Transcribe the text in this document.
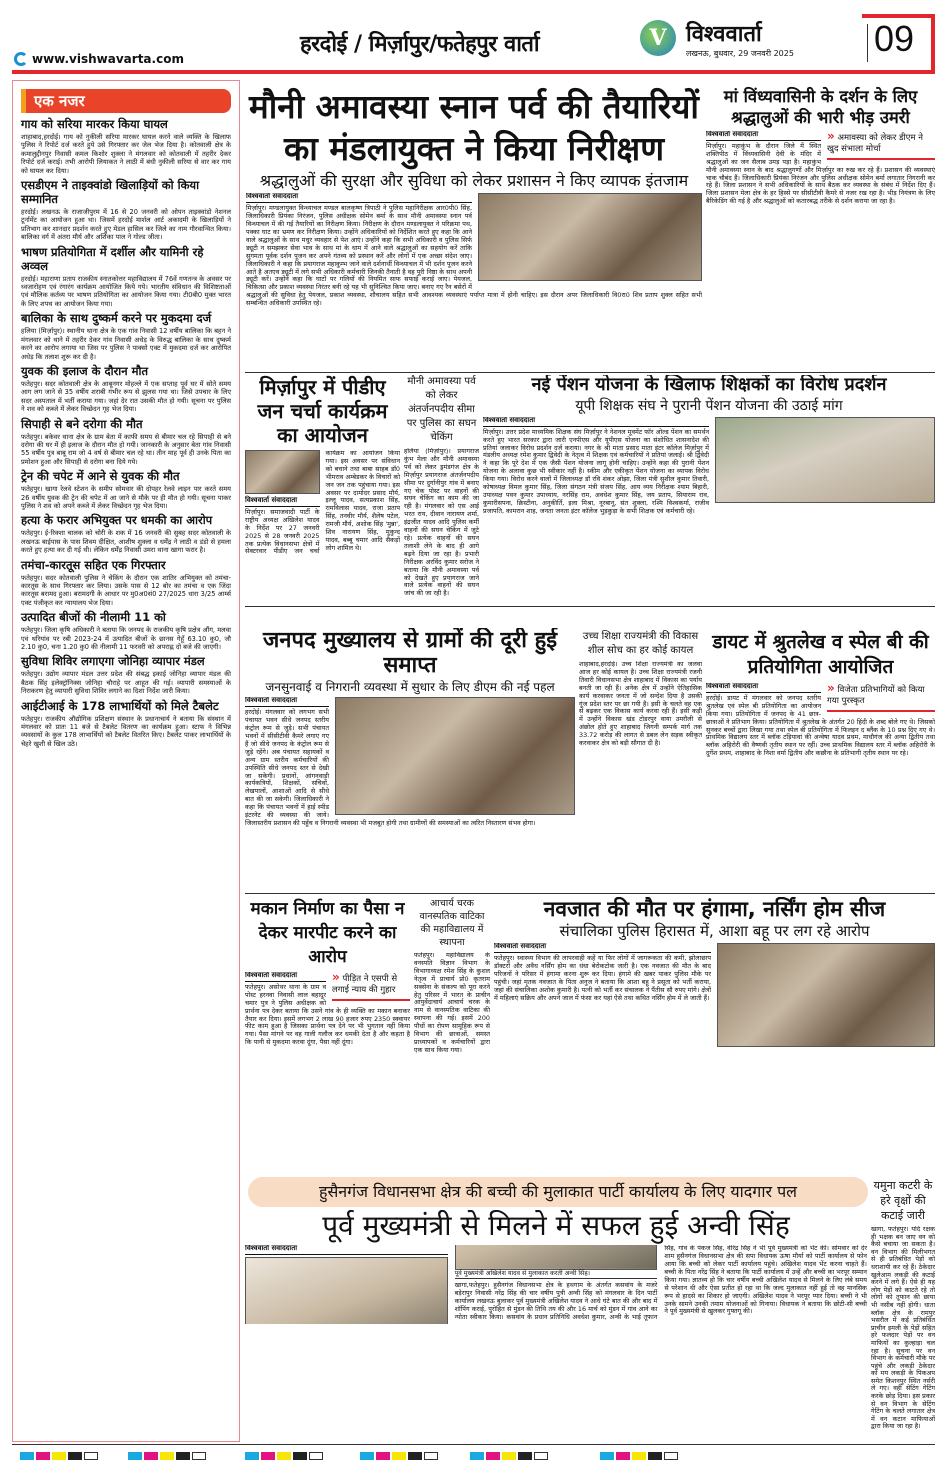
www.vishwavarta.com
हरदोई / मिर्ज़ापुर/फतेहपुर वार्ता	V विश्ववार्ता
लखनऊ, बुधवार, 29 जनवरी 2025 09
एक नजर
गाय को सरिया मारकर किया घायल

शाहाबाद,हरदोई। गाय को नुकीली सरिया मारकर घायल करने वाले व्यक्ति के खिलाफ पुलिस ने रिपोर्ट दर्ज करते हुये उसे गिरफ्तार कर जेल भेज दिया है। कोतवाली क्षेत्र के कमालुद्दीनपुर निवासी कमल किशोर शुक्ला ने मंगलवार को कोतवाली में तहरीर देकर रिपोर्ट दर्ज कराई। तभी आरोपी लियाकत ने लाठी में बंधी नुकीली सरिया से वार कर गाय को घायल कर दिया।

एसडीएम ने ताइक्वांडो खिलाड़ियों को किया सम्मानित

हरदोई। लखनऊ के राजाजीपुरम में 16 से 20 जनवरी को ओपन ताइक्वांडो नेशनल टूर्नामेंट का आयोजन हुआ था। जिसमें हरदोई मार्शल आर्ट अकादमी के खिलाड़ियों ने प्रतिभाग कर शानदार प्रदर्शन करते हुए मेडल हासिल कर जिले का नाम गौरवान्वित किया। बालिका वर्ग में अंतरा मौर्य और अर्शिका पाल ने गोल्ड जीता।

भाषण प्रतियोगिता में दर्शील और यामिनी रहे अव्वल

हरदोई। महाराणा प्रताप राजकीय स्नातकोत्तर महाविद्यालय में 76वें गणतन्त्र के अवसर पर ध्वजारोहण एवं रंगारंग कार्यक्रम आयोजित किये गये। भारतीय संविधान की विशिष्टताओं एवं मौलिक कर्तव्य पर भाषण प्रतियोगिता का आयोजन किया गया। टी0बी0 मुक्त भारत के लिए शपथ का आयोजन किया गया।

बालिका के साथ दुष्कर्म करने पर मुकदमा दर्ज

हलिया (मिर्ज़ापुर)। स्थानीय थाना क्षेत्र के एक गांव निवासी 12 वर्षीय बालिका कि बहन ने मंगलवार को थाने में तहरीर देकर गांव निवासी अधेड़ के विरुद्ध बालिका के साथ दुष्कर्म करने का आरोप लगाया था जिस पर पुलिस ने पाक्सो एक्ट में मुकदमा दर्ज कर आरोपित अधेड़ कि तलाश शुरू कर दी है।

युवक की इलाज के दौरान मौत

फतेहपुर। सदर कोतवाली क्षेत्र के आबूनगर मोहल्ले में एक सप्ताह पूर्व घर में सोते समय आग लग जाने से 35 वर्षीय शराबी गंभीर रूप से झुलस गया था। जिसे उपचार के लिए सदर अस्पताल में भर्ती कराया गया। जहां देर रात उसकी मौत हो गयी। सूचना पर पुलिस ने शव को कब्जे में लेकर विच्छेदन गृह भेज दिया।

सिपाही से बने दरोगा की मौत

फतेहपुर। बकेवर थाना क्षेत्र के ग्राम बेता में काफी समय से बीमार चल रहे सिपाही से बने दरोगा की घर में ही इलाज के दौरान मौत हो गयी। जानकारी के अनुसार बेता गांव निवासी 55 वर्षीय पुत्र बाबू राम जो 4 वर्ष से बीमार चल रहे था। तीन माह पूर्व ही उनके पिता का प्रमोशन हुआ और सिपाही से दरोगा बना दिये गये।

ट्रेन की चपेट में आने से युवक की मौत

फतेहपुर। खागा रेलवे स्टेशन के समीप सोमवार की दोपहर रेलवे लाइन पार करते समय 26 वर्षीय युवक की ट्रेन की चपेट में आ जाने से मौके पर ही मौत हो गयी। सूचना पाकर पुलिस ने शव को अपने कब्जे में लेकर विच्छेदन गृह भेज दिया।

हत्या के फरार अभियुक्त पर धमकी का आरोप

फतेहपुर। ई-रिक्शा चालक को चोरी के शक में 16 जनवरी की सुबह सदर कोतवाली के लखनऊ बाईपास के पास शिवम दीक्षित, आशीष शुक्ला व धर्मेंद्र ने लाठी व डंडो से हमला करते हुए हत्या कर दी गई थी। लेकिन धर्मेंद्र निवासी उमरा थाना खागा फरार है।

तमंचा-कारतूस सहित एक गिरफ्तार

फतेहपुर। सदर कोतवाली पुलिस ने चेकिंग के दौरान एक शातिर अभियुक्त को तमंचा-कारतूस के साथ गिरफ्तार कर लिया। उसके पास से 12 बोर का तमंचा व एक जिंदा कारतूस बरामद हुआ। बरामदगी के आधार पर मु0अ0सं0 27/2025 धारा 3/25 आर्म्स एक्ट पंजीकृत कर न्यायालय भेज दिया।

उत्पादित बीजों की नीलामी 11 को

फतेहपुर। जिला कृषि अधिकारी ने बताया कि जनपद के राजकीय कृषि प्रक्षेत्र औंग, मलवा एवं थरियांव पर रबी 2023-24 में उत्पादित बीजों के छानस गेहूँ 63.10 कु0, जौ 2.10 कु0, चना 1.20 कु0 की नीलामी 11 फरवरी को अपराह्न दो बजे की जाएगी।

सुविधा शिविर लगाएगा जोनिहा व्यापार मंडल

फतेहपुर। उद्योग व्यापार मंडल उत्तर प्रदेश की संबद्ध इकाई जोनिहा व्यापार मंडल की बैठक सिंह इलेक्ट्रॉनिक्स जोनिहा चौराहे पर आहूत की गई। व्यापारी समस्याओं के निराकरण हेतु व्यापारी सुविधा शिविर लगाने का दिशा निर्देश जारी किया।

आईटीआई के 178 लाभार्थियों को मिले टैबलेट

फतेहपुर। राजकीय औद्योगिक प्रशिक्षण संस्थान के प्रधानाचार्य ने बताया कि संस्थान में मंगलवार को प्रातः 11 बजे से टैबलेट वितरण का कार्यक्रम हुआ। स्टाफ ने विभिन्न व्यवसायों के कुल 178 लाभार्थियों को टैबलेट वितरित किए। टैबलेट पाकर लाभार्थियों के चेहरे खुशी से खिल उठे।

मौनी अमावस्या स्नान पर्व की तैयारियों का मंडलायुक्त ने किया निरीक्षण
श्रद्धालुओं की सुरक्षा और सुविधा को लेकर प्रशासन ने किए व्यापक इंतजाम
विश्ववार्ता संवाददाता
मिर्ज़ापुर। मण्डलायुक्त विन्ध्याचल मण्डल बालकृष्ण त्रिपाठी ने पुलिस महानिरीक्षक आर0पी0 सिंह, जिलाधिकारी प्रियंका निरंजन, पुलिस अधीक्षक सोमेन बर्मा के साथ मौनी अमावस्या स्नान पर्व विन्ध्याचल में की गई तैयारियों का निरीक्षण किया। निरीक्षण के दौरान मण्डलायुक्त ने परिक्रमा पथ, पक्का घाट का भ्रमण कर निरीक्षण किया। उन्होंने अधिकारियों को निर्देशित करते हुए कहा कि आने वाले श्रद्धालुओं के साथ मधुर व्यवहार से पेश आएं। उन्होंने कहा कि सभी अधिकारी व पुलिस सिर्फ ड्यूटी न समझकर सेवा भाव के साथ मां के धाम में आने वाले श्रद्धालुओं का सहयोग करें ताकि सुगमता पूर्वक दर्शन पूजन कर अपने गंतव्य को प्रस्थान करें और लोगों में एक अच्छा संदेश जाए। जिलाधिकारी ने कहा कि प्रयागराज महाकुम्भ जाने वाले दर्शनार्थी विन्ध्याचल में भी दर्शन पूजन करने आते है अतएव ड्यूटी में लगे सभी अधिकारी कर्मचारी जिनकी तैनाती है वह पूरी निष्ठा के साथ अपनी ड्यूटी करें। उन्होंने कहा कि घाटों पर गलियों की नियमित साफ सफाई कराई जाए। पेयजल, चिकित्सा और प्रकाश व्यवस्था निरंतर बनी रहे यह भी सुनिश्चित किया जाए। बनाए गए रैन बसेरों में श्रद्धालुओं की सुविधा हेतु पेयजल, प्रकाश व्यवस्था, शौचालय सहित सभी आवश्यक व्यवस्थाएं पर्याप्त मात्रा में होनी चाहिए। इस दौरान अपर जिलाधिकारी वि0रा0 शिव प्रताप शुक्ल सहित सभी सम्बन्धित अधिकारी उपस्थित रहे।
मां विंध्यवासिनी के दर्शन के लिए श्रद्धालुओं की भारी भीड़ उमरी
» अमावस्या को लेकर डीएम ने खुद संभाला मोर्चा
विश्ववार्ता संवाददाता
मिर्ज़ापुर। महाकुंभ के दौरान जिले में स्थित शक्तिपीठ में विंध्यवासिनी देवी के मंदिर में श्रद्धालुओं का जन सैलाब उमड़ पड़ा है। महाकुंभ मौनी अमावस्या स्नान के बाद श्रद्धालुगणों और मिर्ज़ापुर का रुख कर रहे हैं। प्रशासन की व्यवस्थाएं चाक चौबंद हैं। जिलाधिकारी प्रियंका निरंजन और पुलिस अधीक्षक सोमेन बर्मा लगातार निगरानी कर रहे हैं। जिला प्रशासन ने सभी अधिकारियों के साथ बैठक कर व्यवस्था के संबंध में निर्देश दिए हैं। जिला प्रशासन मेला क्षेत्र के हर हिस्से पर सीसीटीवी कैमरे से नजर रख रहा है। भीड़ नियंत्रण के लिए बैरिकेडिंग की गई है और श्रद्धालुओं को कतारबद्ध तरीके से दर्शन कराया जा रहा है।
मिर्ज़ापुर में पीडीए जन चर्चा कार्यक्रम का आयोजन
विश्ववार्ता संवाददाता
मिर्ज़ापुर। समाजवादी पार्टी के राष्ट्रीय अध्यक्ष अखिलेश यादव के निर्देश पर 27 जनवरी 2025 से 28 जनवरी 2025 तक प्रत्येक विधानसभा क्षेत्रों में सेक्टरवार पीडीए जन चर्चा कार्यक्रम का आयोजन किया गया। इस अवसर पर संविधान को बचाने तथा बाबा साहब डॉ0 भीमराव अम्बेडकर के विचारों को जन जन तक पहुंचाया गया। इस अवसर पर दामोदर प्रसाद मौर्य, इल्लू यादव, सत्यप्रकाश सिंह, रामविलास यादव, राजा प्रताप सिंह, तनवीर मौर्य, शैलेष पटेल, रामजी मौर्य, अशोक सिंह 'मुन्ना', शिव नारायण सिंह, मुकुन्द यादव, बब्बू चमार आदि सैकड़ों लोग शामिल थे।
मौनी अमावस्या पर्व को लेकर अंतर्जनपदीय सीमा पर पुलिस का सघन चेकिंग
हलिया (मिर्ज़ापुर)। प्रयागराज कुंभ मेला और मौनी अमावस्या पर्व को लेकर ड्रमंडगंज क्षेत्र के मिर्ज़ापुर प्रयागराज अंतर्जनपदीय सीमा पर दुर्गानीपुर गांव में बनाए गए चेक पोस्ट पर वाहनों की सघन चेकिंग का काम की जा रही है। मंगलवार को एस आई भरत राय, दीवान नारायण शर्मा, इंद्रजीत यादव आदि पुलिस कर्मी वाहनों की सघन चेकिंग में जुटे रहे। प्रत्येक वाहनों की सघन तलाशी लेने के बाद ही आगे बढ़ने दिया जा रहा है। प्रभारी निरीक्षक अरविंद कुमार सरोज ने बताया कि मौनी अमावस्या पर्व को देखते हुए प्रयागराज जाने वाले प्रत्येक वाहनों की सघन जांच की जा रही है।
नई पेंशन योजना के खिलाफ शिक्षकों का विरोध प्रदर्शन
यूपी शिक्षक संघ ने पुरानी पेंशन योजना की उठाई मांग
विश्ववार्ता संवाददाता
मिर्ज़ापुर। उत्तर प्रदेश माध्यमिक शिक्षक संघ मिर्ज़ापुर ने नेशनल मूवमेंट फॉर ओल्ड पेंशन का समर्थन करते हुए भारत सरकार द्वारा जारी एनपीएस और यूपीएस योजना का संशोधित शासनादेश की प्रतियां जलाकर विरोध प्रदर्शन दर्ज कराया। नगर के श्री माता प्रसाद माता इंटर कॉलेज मिर्ज़ापुर में मंडलीय अध्यक्ष रमेश कुमार द्विवेदी के नेतृत्व में शिक्षक एवं कर्मचारियों ने प्रतियां जलाईं। श्री द्विवेदी ने कहा कि पूरे देश में एक जैसी पेंशन योजना लागू होनी चाहिए। उन्होंने कहा की पुरानी पेंशन योजना के अलावा कुछ भी स्वीकार नहीं है। स्कीम और एकीकृत पेंशन योजना का व्यापक विरोध किया गया। विरोध करने वालों में जिलाध्यक्ष डॉ रवि शंकर ओझा, जिला मंत्री सुशील कुमार तिवारी, कोषाध्यक्ष विमल कुमार सिंह, जिला संगठन मंत्री संजय सिंह, आय व्यय निरीक्षक श्याम बिहारी, उपाध्यक्ष पवन कुमार उपाध्याय, नरसिंह राम, अवधेश कुमार सिंह, जय प्रताप, सियाराम राव, कुमारीसपना, क्रिस्टीना, अनुकीर्ति, इला मिश्रा, नूरबानू, संत शुक्ला, रश्मि विश्वकर्मा, राजीव प्रजापति, कामरान शाह, जनता जनता इंटर कॉलेज भुड़कुड़ा के सभी शिक्षक एवं कर्मचारी रहे।
जनपद मुख्यालय से ग्रामों की दूरी हुई समाप्त
जनसुनवाई व निगरानी व्यवस्था में सुधार के लिए डीएम की नई पहल
विश्ववार्ता संवाददाता
हरदोई। मंगलवार को लगभग सभी पंचायत भवन सीधे जनपद स्तरीय कंट्रोल रूम से जुड़े। सभी पंचायत भवनों में सीसीटीवी कैमरे लगाए गए हैं जो सीधे जनपद के कंट्रोल रूम से जुड़े रहेंगे। अब पंचायत सहायकों व अन्य ग्राम स्तरीय कर्मचारियों की उपस्थिति सीधे जनपद स्तर से देखी जा सकेगी। प्रधानों, आंगनवाड़ी कार्यकत्रियों, शिक्षकों, सचिवों, लेखपालों, आशाओं आदि से सीधे बात की जा सकेगी। जिलाधिकारी ने कहा कि पंचायत भवनों में हाई स्पीड इंटरनेट की व्यवस्था की जाये। जिलास्तरीय प्रशासन की पहुँच व निगरानी व्यवस्था भी मजबूत होगी तथा ग्रामीणों की समस्याओं का त्वरित निस्तारण संभव होगा।
उच्च शिक्षा राज्यमंत्री की विकास शील सोच का हर कोई कायल
शाहाबाद,हरदोई। उच्च शिक्षा राज्यमंत्री का जलवा आज हर कोई कायल है। उच्च शिक्षा राज्यमंत्री रजनी तिवारी विधानसभा क्षेत्र शाहाबाद में विकास का पर्याय बनती जा रही हैं। अनेक क्षेत्र में उन्होंने ऐतिहासिक कार्य करवाकर जनता में जो सन्देश दिया है उसकी गूंज प्रदेश स्तर पर छा गयी है। इसी के चलते वह एक से बढ़कर एक विकास कार्य करवा रही हैं। इसी कड़ी में उन्होंने विकास खंड टोडरपुर वाया उमरौली से अंछोल होते हुए शाहाबाद जिगनी सम्पर्क मार्ग तक 33.72 करोड़ की लागत से डबल लेन सड़क स्वीकृत करवाकर क्षेत्र को बड़ी सौगात दी है।
डायट में श्रुतलेख व स्पेल बी की प्रतियोगिता आयोजित
» विजेता प्रतिभागियों को किया गया पुरस्कृत
विश्ववार्ता संवाददाता
हरदोई। डायट में मंगलवार को जनपद स्तरीय श्रुतलेख एवं स्पेल बी प्रतियोगिता का आयोजन किया गया। प्रतियोगिता में जनपद के 41 छात्र-छात्राओं ने प्रतिभाग किया। प्रतियोगिता में श्रुतलेख के अंतर्गत 20 हिंदी के शब्द बोले गए थे। जिसको सुनकर बच्चों द्वारा लिखा गया तथा स्पेल बी प्रतियोगिता में फिलइन द ब्लैंक के 10 प्रश्न दिए गए थे। प्राथमिक विद्यालय स्तर में ब्लॉक टड़ियावां की अन्वेषा यादव प्रथम, माधौगंज की अन्या द्वितीय तथा ब्लॉक अहिरोरी की वैष्णवी तृतीय स्थान पर रहीं। उच्च प्राथमिक विद्यालय स्तर में ब्लॉक अहिरोरी के दुर्गेश प्रथम, शाहाबाद के निशा वर्मा द्वितीय और कछौना के प्रतिभागी तृतीय स्थान पर रहे।
मकान निर्माण का पैसा न देकर मारपीट करने का आरोप
» पीड़ित ने एसपी से लगाई न्याय की गुहार
विश्ववार्ता संवाददाता
फतेहपुर। असोथर थाना के ग्राम व पोस्ट हरनवा निवासी लाल बहादुर चमार पुत्र ने पुलिस अधीक्षक को प्रार्थना पत्र देकर बताया कि उसने गांव के ही व्यक्ति का मकान बनाकर तैयार कर दिया। इसमें लगभग 2 लाख 90 हजार रुपए 2350 स्क्वायर फीट काम हुआ है जिसका प्रार्थना पत्र देने पर भी भुगतान नहीं किया गया। पैसा मांगने पर वह गाली गलौज कर धमकी देता है और कहता है कि पानी से मुकदमा करवा दूंगा, पैसा नहीं दूंगा।
आचार्य चरक वानस्पतिक वाटिका की महाविद्यालय में स्थापना
फतेहपुर। महाविद्यालय के वनस्पति विज्ञान विभाग के विभागाध्यक्ष रमेश सिंह के कुशल नेतृत्व में प्राचार्य प्रो0 कृतराम सक्सेना के संकल्प को पूरा करने हेतु परिसर में भारत के प्राचीन आयुर्वेदाचार्य आचार्य चरक के नाम से वानस्पतिक वाटिका की स्थापना की गई। इसमें 200 पौधों का रोपण सामूहिक रूप से विभाग की छात्राओं, समस्त प्राध्यापकों व कर्मचारियों द्वारा एक साथ किया गया।
नवजात की मौत पर हंगामा, नर्सिंग होम सीज
संचालिका पुलिस हिरासत में, आशा बहू पर लग रहे आरोप
विश्ववार्ता संवाददाता
फतेहपुर। स्वास्थ्य विभाग की लापरवाही कहें या फिर लोगों में जागरूकता की कमी, झोलाछाप डॉक्टरों और अवैध नर्सिंग होम का धंधा बेरोकटोक जारी है। एक नवजात की मौत के बाद परिजनों ने परिसर में हंगामा करना शुरू कर दिया। हंगामे की खबर पाकर पुलिस मौके पर पहुंची। जहां मृतक नवजात के पिता अनुज ने बताया कि आशा बहू ने प्रसूता को भर्ती कराया, जहां की संचालिका अशोक कुमारी है। पत्नी को भर्ती कर संचालक ने पैंतीस सौ रुपए मांगे। क्षेत्रों में महिलाएं सक्रिय और अपने जाल में फंसा कर यहां ऐसे तथा कथित नर्सिंग होम में ले जाती हैं।
हुसैनगंज विधानसभा क्षेत्र की बच्ची की मुलाकात पार्टी कार्यालय के लिए यादगार पल
पूर्व मुख्यमंत्री से मिलने में सफल हुई अन्वी सिंह
विश्ववार्ता संवाददाता
पूर्व मुख्यमंत्री अखिलेश यादव से मुलाकात करती अन्वी सिंह।
खागा,फतेहपुर। हुसैनगंज विधानसभा क्षेत्र के हथगाम के अंतर्गत कसवांय के मजरे बड़ेरापुर निवासी नरेंद्र सिंह की चार वर्षीय पुत्री अन्वी सिंह को मंगलवार के दिन पार्टी कार्यालय लखनऊ बुलाकर पूर्व मुख्यमंत्री अखिलेश यादव ने आधे घंटे बात की और बाद में शॉपिंग कराई, पुरोहित से मुंडन की तिथि तय की और 16 मार्च को मुंडन में गांव आने का न्योता स्वीकार किया। कसवांय के प्रधान प्रतिनिधि अवधेश कुमार, अन्वी के भाई तूफान सिंह, गांव के पंकज सिंह, वीरेंद्र सिंह ने भी पूर्व मुख्यमंत्री को भेंट की। सोमवार को देर शाम हुसैनगंज विधानसभा क्षेत्र की सपा विधायक ऊषा मौर्या को पार्टी कार्यालय से फोन आया कि बच्ची को लेकर पार्टी कार्यालय पहुंचे। अखिलेश यादव भेंट करना चाहते हैं। बच्ची के पिता नरेंद्र सिंह ने बताया कि पार्टी कार्यालय में उन्हें और बच्ची का भरपूर सम्मान किया गया। ज्ञातव्य हो कि चार वर्षीय बच्ची अखिलेश यादव से मिलने के लिए लंबे समय से परेशान थी और ऐसा प्रतीत हो रहा था कि जल्द मुलाकात नहीं हुई तो वह मानसिक रूप से हादसे का शिकार हो जाएगी। अखिलेश यादव ने भरपूर प्यार दिया। बच्ची ने भी उनके सामने उनकी तमाम योजनाओं को गिनाया। विधायक ने बताया कि छोटी-सी बच्ची ने पूर्व मुख्यमंत्री से खुलकर गुफ्तगू की।
यमुना कटरी के हरे वृक्षों की कटाई जारी
खागा, फतेहपुर। यदि रक्षक ही भक्षक बन जाए वन को कैसे बचाया जा सकता है। वन विभाग की मिलीभगत से ही प्रतिबंधित पेड़ों को धराशायी कर रहे हैं। ठेकेदार खुलेआम लकड़ी की कटाई करने में लगे हैं। ऐसे ही यह लोग पेड़ों को काटते रहे तो लोगों को तूफान की छाया भी नसीब नहीं होगी। धाता ब्लॉक क्षेत्र के रामपुर भसरौल में कई प्रतिबंधित प्राचीन इमली के पेड़ों सहित हरे फलदार पेड़ों पर वन माफियों का कुल्हाड़ा चल रहा है। सूचना पर वन विभाग के कर्मचारी मौके पर पहुंचे और लकड़ी ठेकेदार को मय लकड़ी के पिकअप समेत किशनपुर स्थित नर्सरी ले गए। वहीं सेटिंग गेटिंग करके छोड़ दिया। इस प्रकार से वन विभाग के सेटिंग गेटिंग के चलते लगातार क्षेत्र में वन कटान माफियाओं द्वारा किया जा रहा है।
